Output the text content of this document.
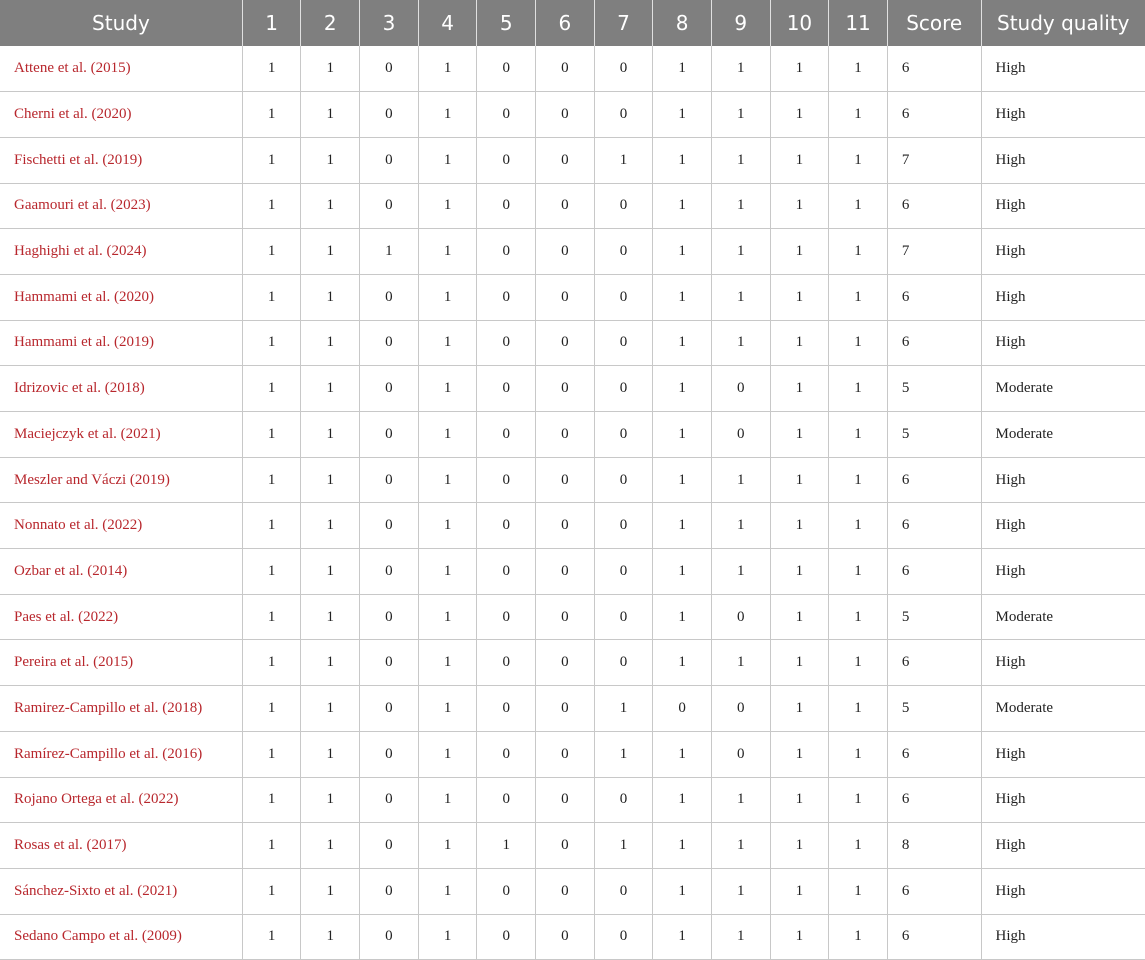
Study	1	2	3	4	5	6	7	8	9	10	11	Score	Study quality
Attene et al. (2015)	1	1	0	1	0	0	0	1	1	1	1	6	High
Cherni et al. (2020)	1	1	0	1	0	0	0	1	1	1	1	6	High
Fischetti et al. (2019)	1	1	0	1	0	0	1	1	1	1	1	7	High
Gaamouri et al. (2023)	1	1	0	1	0	0	0	1	1	1	1	6	High
Haghighi et al. (2024)	1	1	1	1	0	0	0	1	1	1	1	7	High
Hammami et al. (2020)	1	1	0	1	0	0	0	1	1	1	1	6	High
Hammami et al. (2019)	1	1	0	1	0	0	0	1	1	1	1	6	High
Idrizovic et al. (2018)	1	1	0	1	0	0	0	1	0	1	1	5	Moderate
Maciejczyk et al. (2021)	1	1	0	1	0	0	0	1	0	1	1	5	Moderate
Meszler and Váczi (2019)	1	1	0	1	0	0	0	1	1	1	1	6	High
Nonnato et al. (2022)	1	1	0	1	0	0	0	1	1	1	1	6	High
Ozbar et al. (2014)	1	1	0	1	0	0	0	1	1	1	1	6	High
Paes et al. (2022)	1	1	0	1	0	0	0	1	0	1	1	5	Moderate
Pereira et al. (2015)	1	1	0	1	0	0	0	1	1	1	1	6	High
Ramirez-Campillo et al. (2018)	1	1	0	1	0	0	1	0	0	1	1	5	Moderate
Ramírez-Campillo et al. (2016)	1	1	0	1	0	0	1	1	0	1	1	6	High
Rojano Ortega et al. (2022)	1	1	0	1	0	0	0	1	1	1	1	6	High
Rosas et al. (2017)	1	1	0	1	1	0	1	1	1	1	1	8	High
Sánchez-Sixto et al. (2021)	1	1	0	1	0	0	0	1	1	1	1	6	High
Sedano Campo et al. (2009)	1	1	0	1	0	0	0	1	1	1	1	6	High
